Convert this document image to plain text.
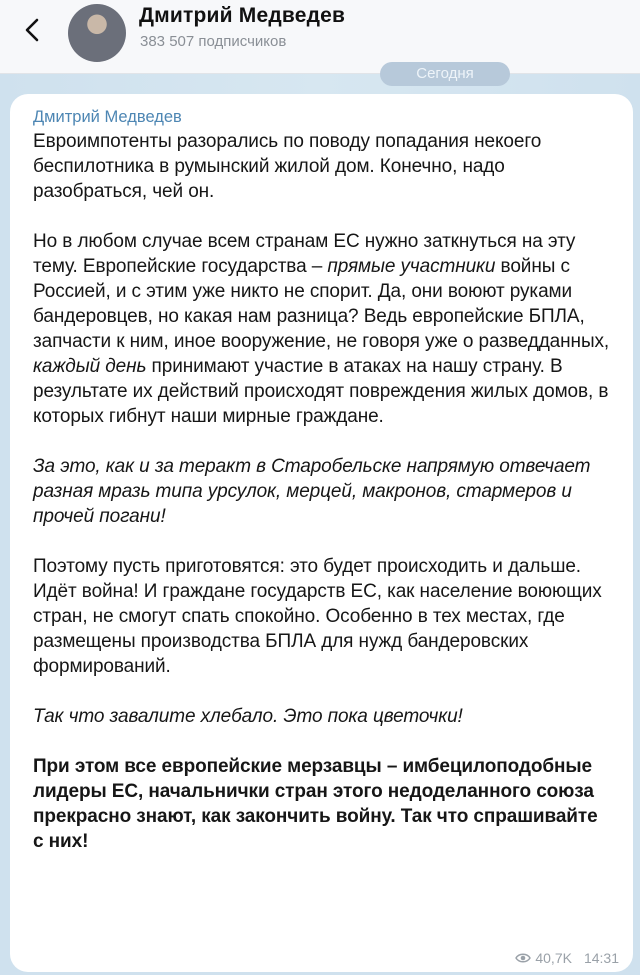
Дмитрий Медведев
383 507 подписчиков
Сегодня
Дмитрий Медведев
Евроимпотенты разорались по поводу попадания некоего беспилотника в румынский жилой дом. Конечно, надо разобраться, чей он.
Но в любом случае всем странам ЕС нужно заткнуться на эту тему. Европейские государства – прямые участники войны с Россией, и с этим уже никто не спорит. Да, они воюют руками бандеровцев, но какая нам разница? Ведь европейские БПЛА, запчасти к ним, иное вооружение, не говоря уже о разведданных, каждый день принимают участие в атаках на нашу страну. В результате их действий происходят повреждения жилых домов, в которых гибнут наши мирные граждане.
За это, как и за теракт в Старобельске напрямую отвечает разная мразь типа урсулок, мерцей, макронов, стармеров и прочей погани!
Поэтому пусть приготовятся: это будет происходить и дальше. Идёт война! И граждане государств ЕС, как население воюющих стран, не смогут спать спокойно. Особенно в тех местах, где размещены производства БПЛА для нужд бандеровских формирований.
Так что завалите хлебало. Это пока цветочки!
При этом все европейские мерзавцы – имбецилоподобные лидеры ЕС, начальнички стран этого недоделанного союза прекрасно знают, как закончить войну. Так что спрашивайте с них!
40,7K 14:31
